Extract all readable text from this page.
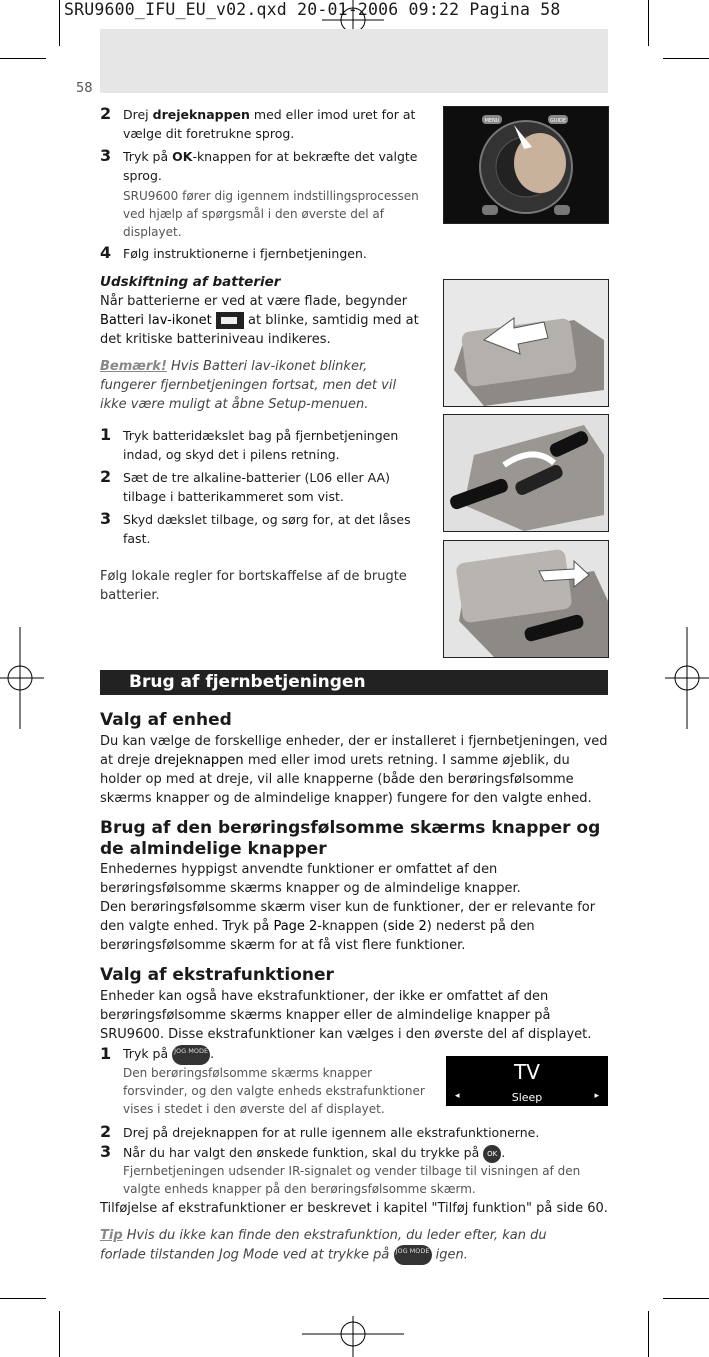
SRU9600_IFU_EU_v02.qxd 20-01-2006 09:22 Pagina 58
58
2 Drej drejeknappen med eller imod uret for at vælge dit foretrukne sprog.
3 Tryk på OK-knappen for at bekræfte det valgte sprog.
SRU9600 fører dig igennem indstillingsprocessen ved hjælp af spørgsmål i den øverste del af displayet.
4 Følg instruktionerne i fjernbetjeningen.
MENU	GUIDE
Udskiftning af batterier
Når batterierne er ved at være flade, begynder Batteri lav-ikonet	at blinke, samtidig med at det kritiske batteriniveau indikeres.
Bemærk! Hvis Batteri lav-ikonet blinker, fungerer fjernbetjeningen fortsat, men det vil ikke være muligt at åbne Setup-menuen.
1 Tryk batteridækslet bag på fjernbetjeningen indad, og skyd det i pilens retning.
2 Sæt de tre alkaline-batterier (L06 eller AA) tilbage i batterikammeret som vist.
3 Skyd dækslet tilbage, og sørg for, at det låses fast.
Følg lokale regler for bortskaffelse af de brugte batterier.
Brug af fjernbetjeningen
Valg af enhed
Du kan vælge de forskellige enheder, der er installeret i fjernbetjeningen, ved at dreje drejeknappen med eller imod urets retning. I samme øjeblik, du holder op med at dreje, vil alle knapperne (både den berøringsfølsomme skærms knapper og de almindelige knapper) fungere for den valgte enhed.
Brug af den berøringsfølsomme skærms knapper og de almindelige knapper
Enhedernes hyppigst anvendte funktioner er omfattet af den berøringsfølsomme skærms knapper og de almindelige knapper.
Den berøringsfølsomme skærm viser kun de funktioner, der er relevante for den valgte enhed. Tryk på Page 2-knappen (side 2) nederst på den berøringsfølsomme skærm for at få vist flere funktioner.
Valg af ekstrafunktioner
Enheder kan også have ekstrafunktioner, der ikke er omfattet af den berøringsfølsomme skærms knapper eller de almindelige knapper på SRU9600. Disse ekstrafunktioner kan vælges i den øverste del af displayet.
1 Tryk på JOG MODE .
Den berøringsfølsomme skærms knapper forsvinder, og den valgte enheds ekstrafunktioner vises i stedet i den øverste del af displayet.
TV
◂	Sleep	▸
2 Drej på drejeknappen for at rulle igennem alle ekstrafunktionerne.
3 Når du har valgt den ønskede funktion, skal du trykke på OK .
Fjernbetjeningen udsender IR-signalet og vender tilbage til visningen af den valgte enheds knapper på den berøringsfølsomme skærm.
Tilføjelse af ekstrafunktioner er beskrevet i kapitel "Tilføj funktion" på side 60.
Tip Hvis du ikke kan finde den ekstrafunktion, du leder efter, kan du forlade tilstanden Jog Mode ved at trykke på JOG MODE igen.
